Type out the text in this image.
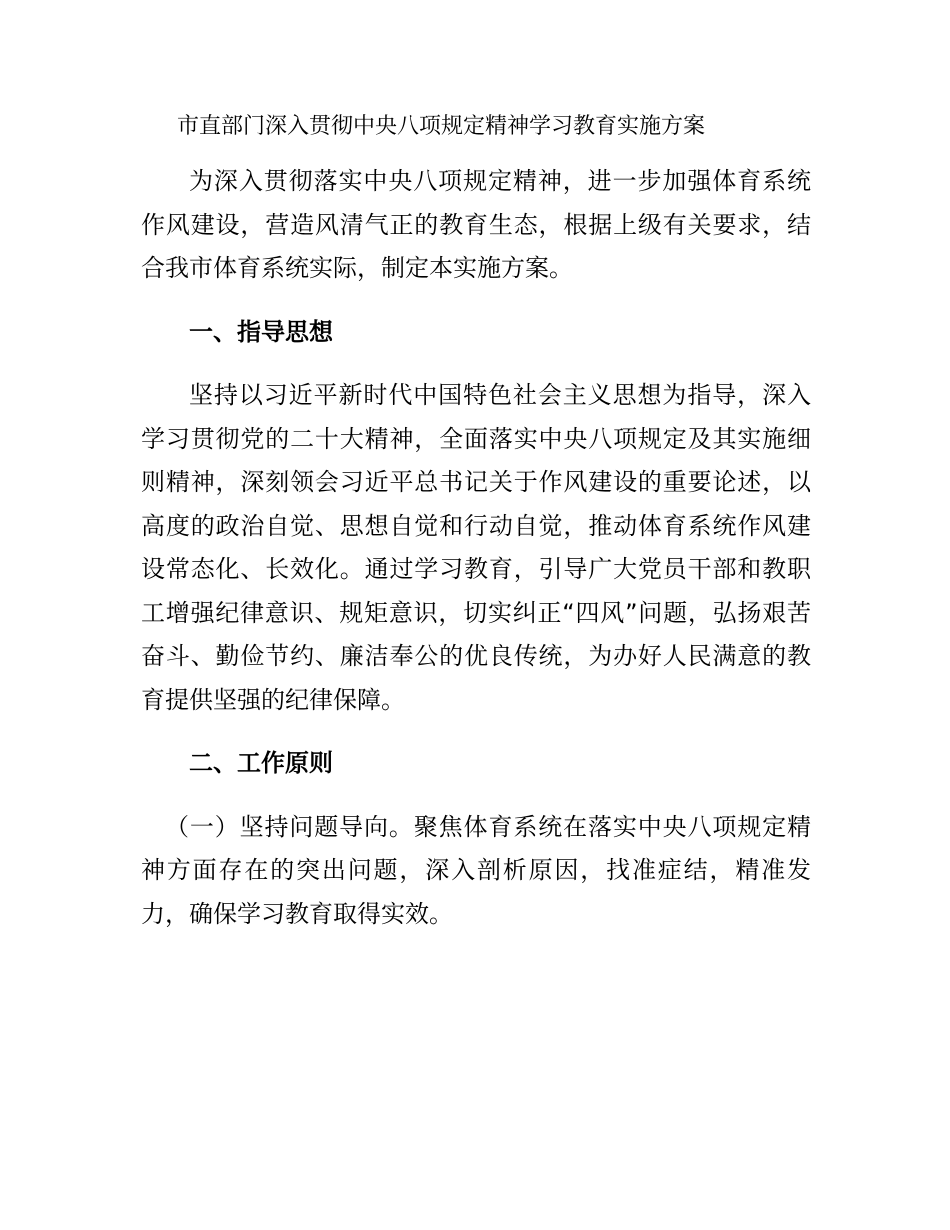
市直部门深入贯彻中央八项规定精神学习教育实施方案

为深入贯彻落实中央八项规定精神，进一步加强体育系统作风建设，营造风清气正的教育生态，根据上级有关要求，结合我市体育系统实际，制定本实施方案。

一、指导思想

坚持以习近平新时代中国特色社会主义思想为指导，深入学习贯彻党的二十大精神，全面落实中央八项规定及其实施细则精神，深刻领会习近平总书记关于作风建设的重要论述，以高度的政治自觉、思想自觉和行动自觉，推动体育系统作风建设常态化、长效化。通过学习教育，引导广大党员干部和教职工增强纪律意识、规矩意识，切实纠正“四风”问题，弘扬艰苦奋斗、勤俭节约、廉洁奉公的优良传统，为办好人民满意的教育提供坚强的纪律保障。

二、工作原则

（一）坚持问题导向。聚焦体育系统在落实中央八项规定精神方面存在的突出问题，深入剖析原因，找准症结，精准发力，确保学习教育取得实效。
